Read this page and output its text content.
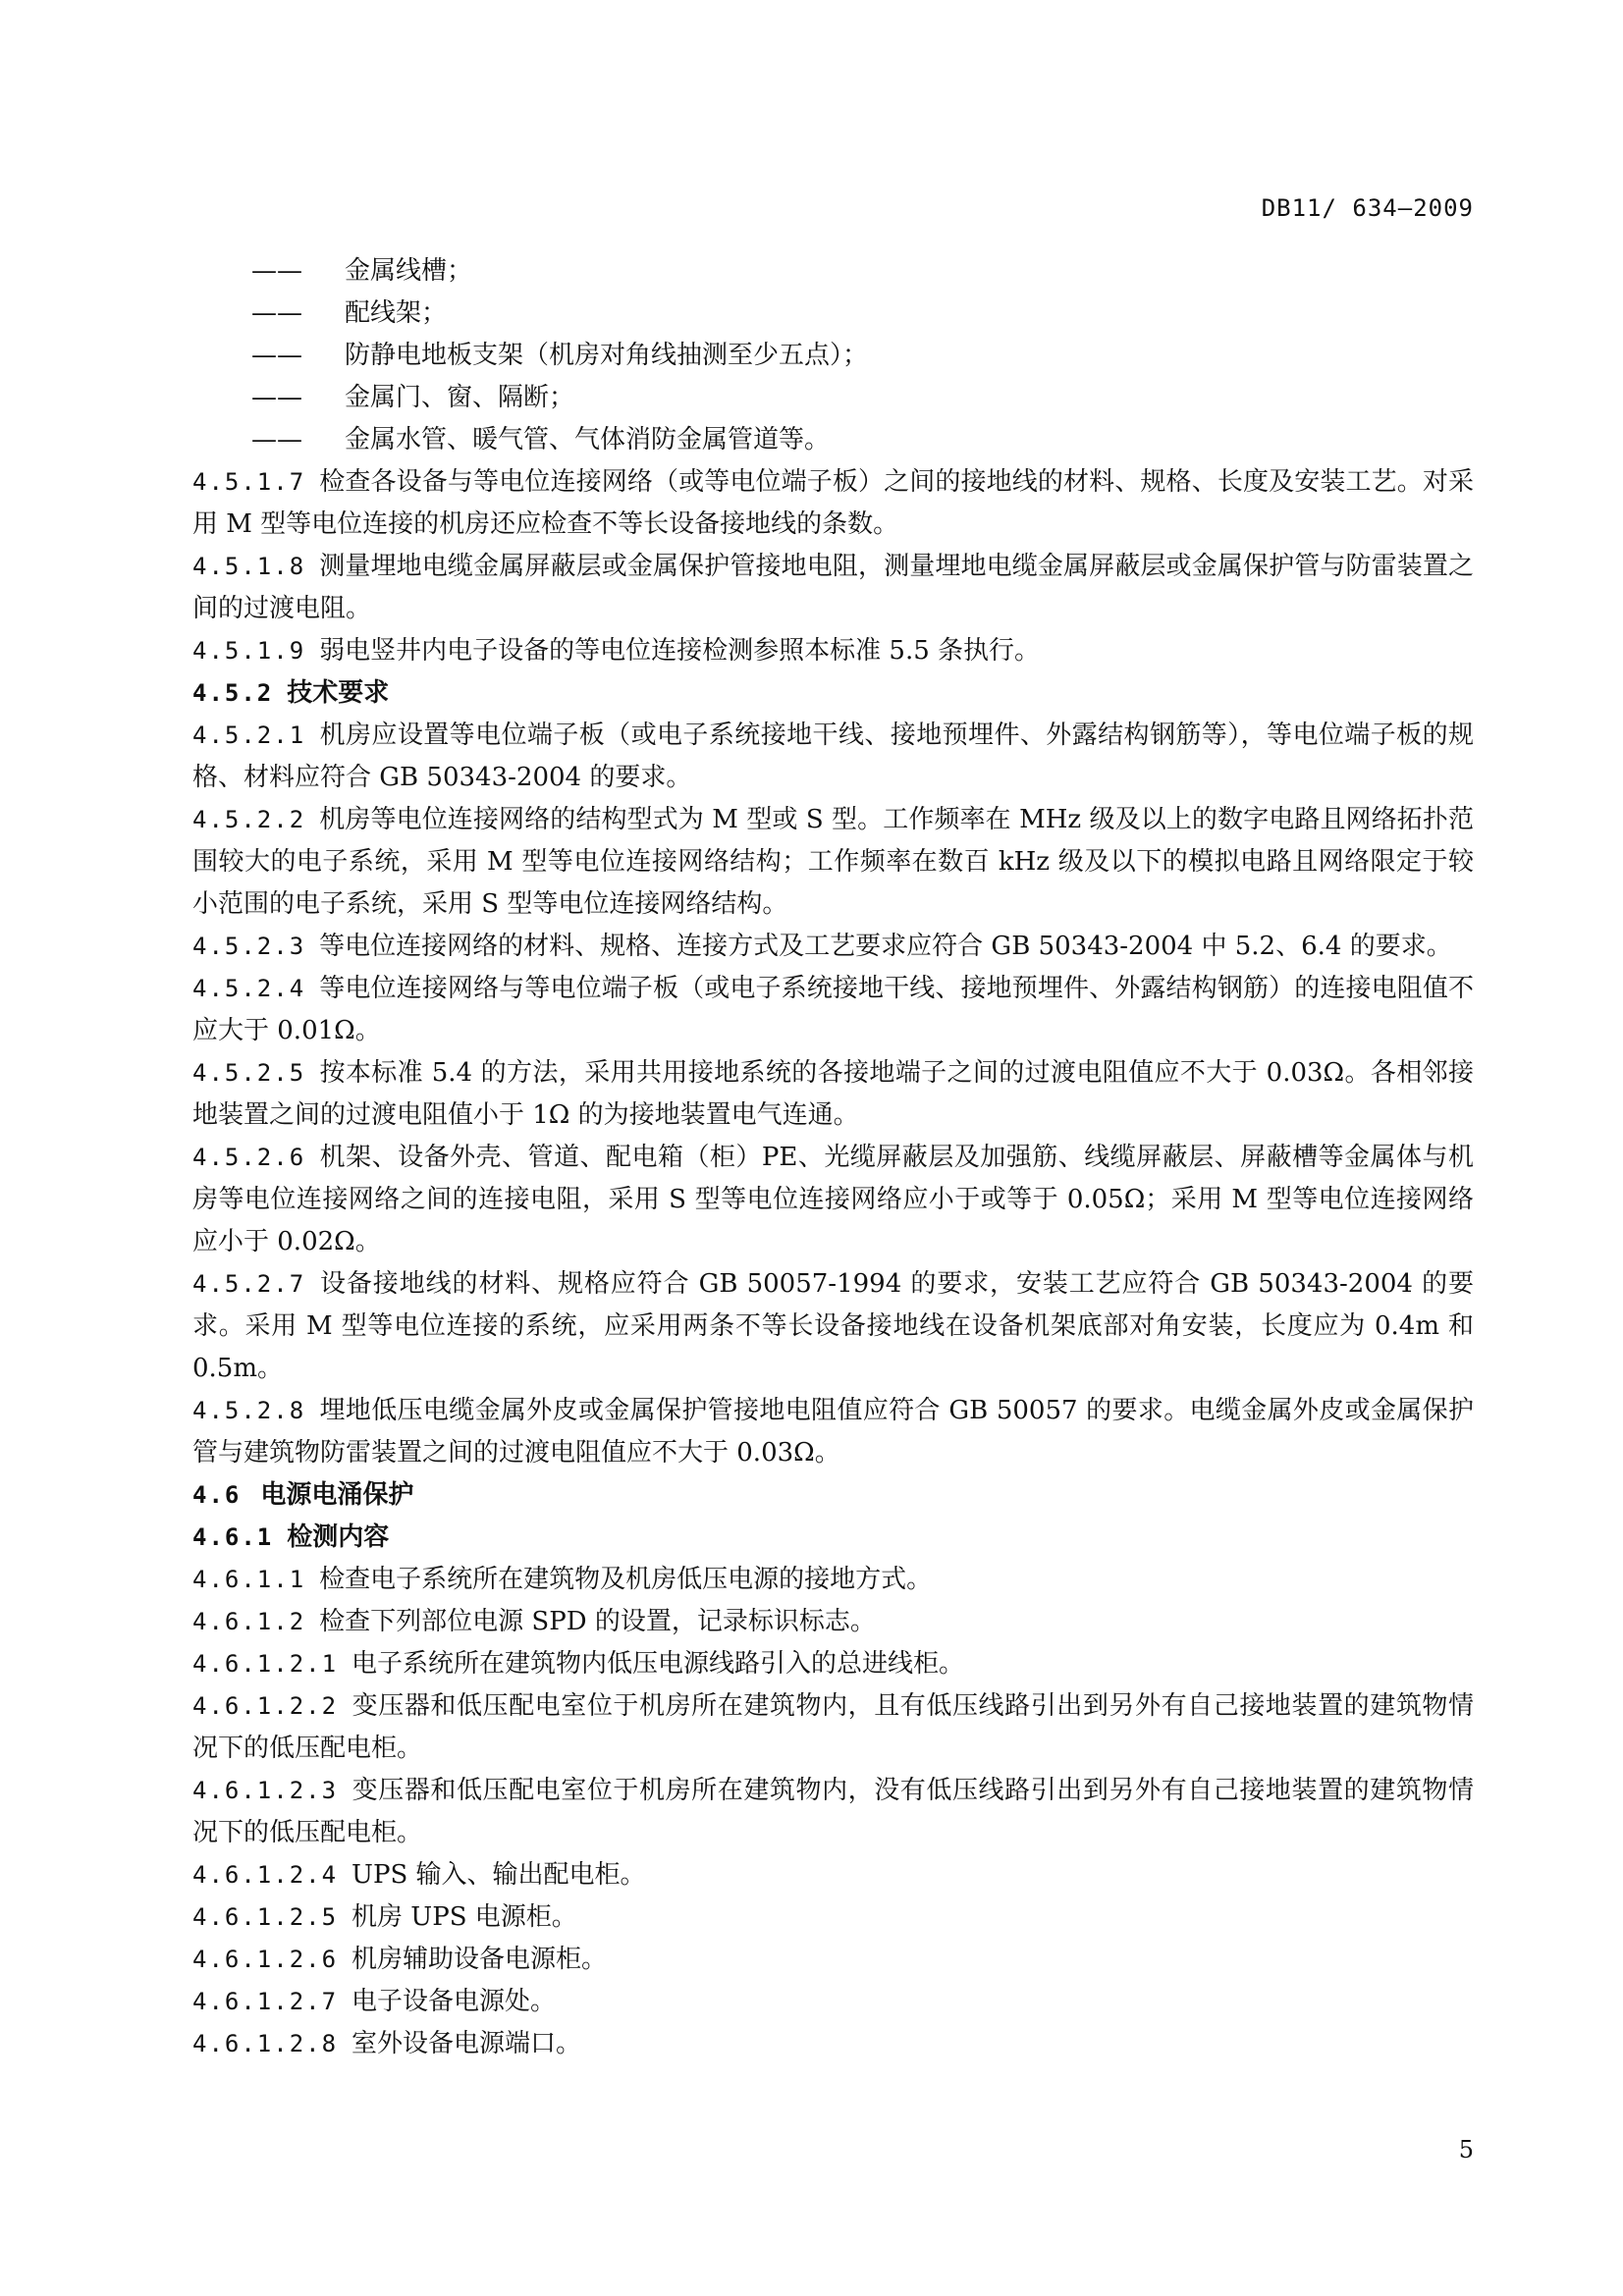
DB11/ 634—2009
—— 金属线槽；
—— 配线架；
—— 防静电地板支架（机房对角线抽测至少五点）；
—— 金属门、窗、隔断；
—— 金属水管、暖气管、气体消防金属管道等。
4.5.1.7 检查各设备与等电位连接网络（或等电位端子板）之间的接地线的材料、规格、长度及安装工艺。对采用 M 型等电位连接的机房还应检查不等长设备接地线的条数。
4.5.1.8 测量埋地电缆金属屏蔽层或金属保护管接地电阻，测量埋地电缆金属屏蔽层或金属保护管与防雷装置之间的过渡电阻。
4.5.1.9 弱电竖井内电子设备的等电位连接检测参照本标准 5.5 条执行。
4.5.2 技术要求
4.5.2.1 机房应设置等电位端子板（或电子系统接地干线、接地预埋件、外露结构钢筋等），等电位端子板的规格、材料应符合 GB 50343-2004 的要求。
4.5.2.2 机房等电位连接网络的结构型式为 M 型或 S 型。工作频率在 MHz 级及以上的数字电路且网络拓扑范围较大的电子系统，采用 M 型等电位连接网络结构；工作频率在数百 kHz 级及以下的模拟电路且网络限定于较小范围的电子系统，采用 S 型等电位连接网络结构。
4.5.2.3 等电位连接网络的材料、规格、连接方式及工艺要求应符合 GB 50343-2004 中 5.2、6.4 的要求。
4.5.2.4 等电位连接网络与等电位端子板（或电子系统接地干线、接地预埋件、外露结构钢筋）的连接电阻值不应大于 0.01Ω。
4.5.2.5 按本标准 5.4 的方法，采用共用接地系统的各接地端子之间的过渡电阻值应不大于 0.03Ω。各相邻接地装置之间的过渡电阻值小于 1Ω 的为接地装置电气连通。
4.5.2.6 机架、设备外壳、管道、配电箱（柜）PE、光缆屏蔽层及加强筋、线缆屏蔽层、屏蔽槽等金属体与机房等电位连接网络之间的连接电阻，采用 S 型等电位连接网络应小于或等于 0.05Ω；采用 M 型等电位连接网络应小于 0.02Ω。
4.5.2.7 设备接地线的材料、规格应符合 GB 50057-1994 的要求，安装工艺应符合 GB 50343-2004 的要求。采用 M 型等电位连接的系统，应采用两条不等长设备接地线在设备机架底部对角安装，长度应为 0.4m 和 0.5m。
4.5.2.8 埋地低压电缆金属外皮或金属保护管接地电阻值应符合 GB 50057 的要求。电缆金属外皮或金属保护管与建筑物防雷装置之间的过渡电阻值应不大于 0.03Ω。
4.6 电源电涌保护
4.6.1 检测内容
4.6.1.1 检查电子系统所在建筑物及机房低压电源的接地方式。
4.6.1.2 检查下列部位电源 SPD 的设置，记录标识标志。
4.6.1.2.1 电子系统所在建筑物内低压电源线路引入的总进线柜。
4.6.1.2.2 变压器和低压配电室位于机房所在建筑物内，且有低压线路引出到另外有自己接地装置的建筑物情况下的低压配电柜。
4.6.1.2.3 变压器和低压配电室位于机房所在建筑物内，没有低压线路引出到另外有自己接地装置的建筑物情况下的低压配电柜。
4.6.1.2.4 UPS 输入、输出配电柜。
4.6.1.2.5 机房 UPS 电源柜。
4.6.1.2.6 机房辅助设备电源柜。
4.6.1.2.7 电子设备电源处。
4.6.1.2.8 室外设备电源端口。
5
